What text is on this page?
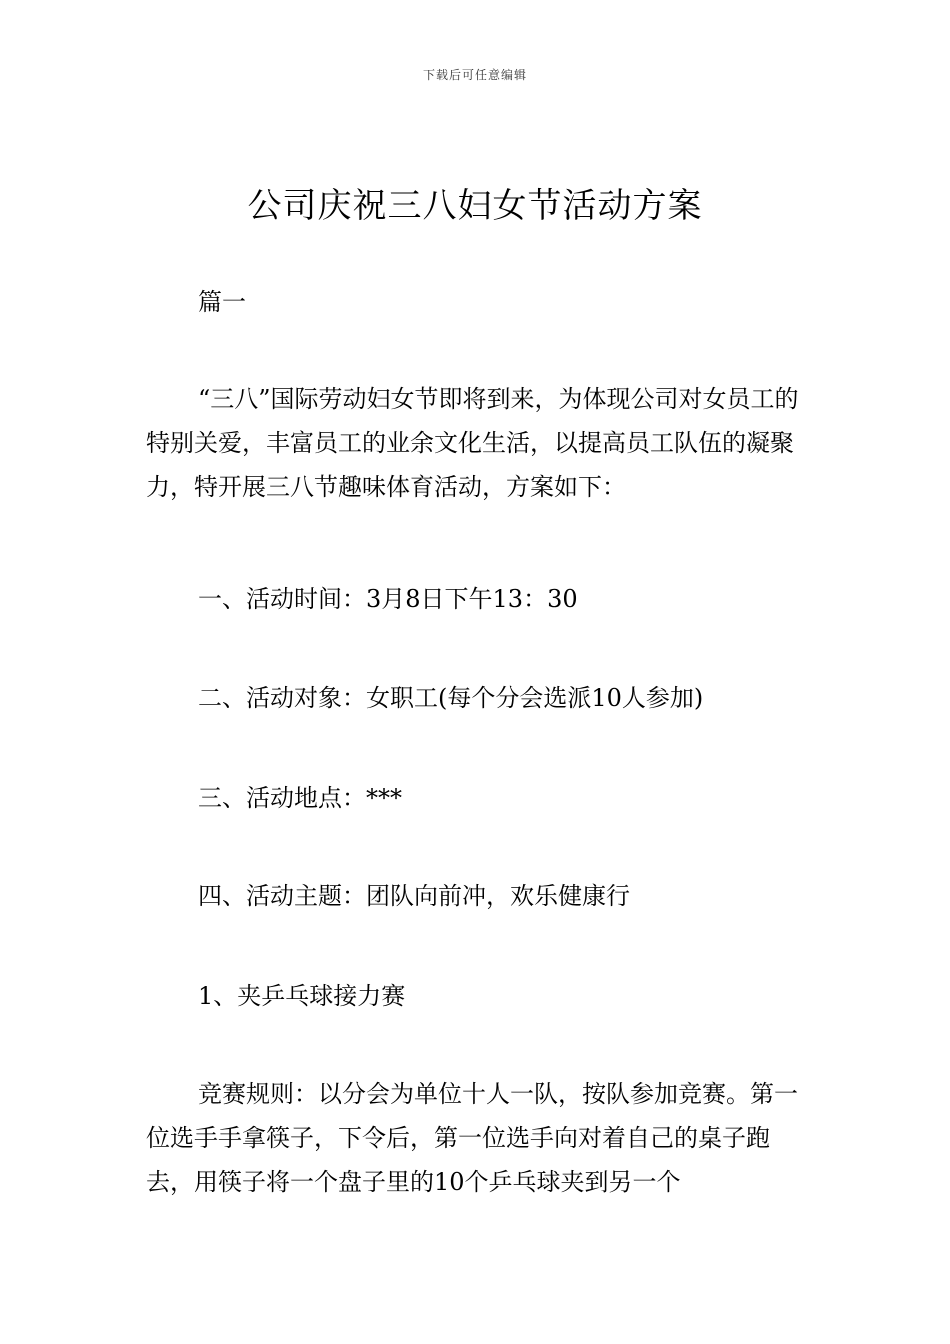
下载后可任意编辑
公司庆祝三八妇女节活动方案

篇一

“三八”国际劳动妇女节即将到来，为体现公司对女员工的特别关爱，丰富员工的业余文化生活，以提高员工队伍的凝聚力，特开展三八节趣味体育活动，方案如下：

一、活动时间：3月8日下午13：30

二、活动对象：女职工(每个分会选派10人参加)

三、活动地点：***

四、活动主题：团队向前冲，欢乐健康行

1、夹乒乓球接力赛

竞赛规则：以分会为单位十人一队，按队参加竞赛。第一位选手手拿筷子，下令后，第一位选手向对着自己的桌子跑去，用筷子将一个盘子里的10个乒乓球夹到另一个
